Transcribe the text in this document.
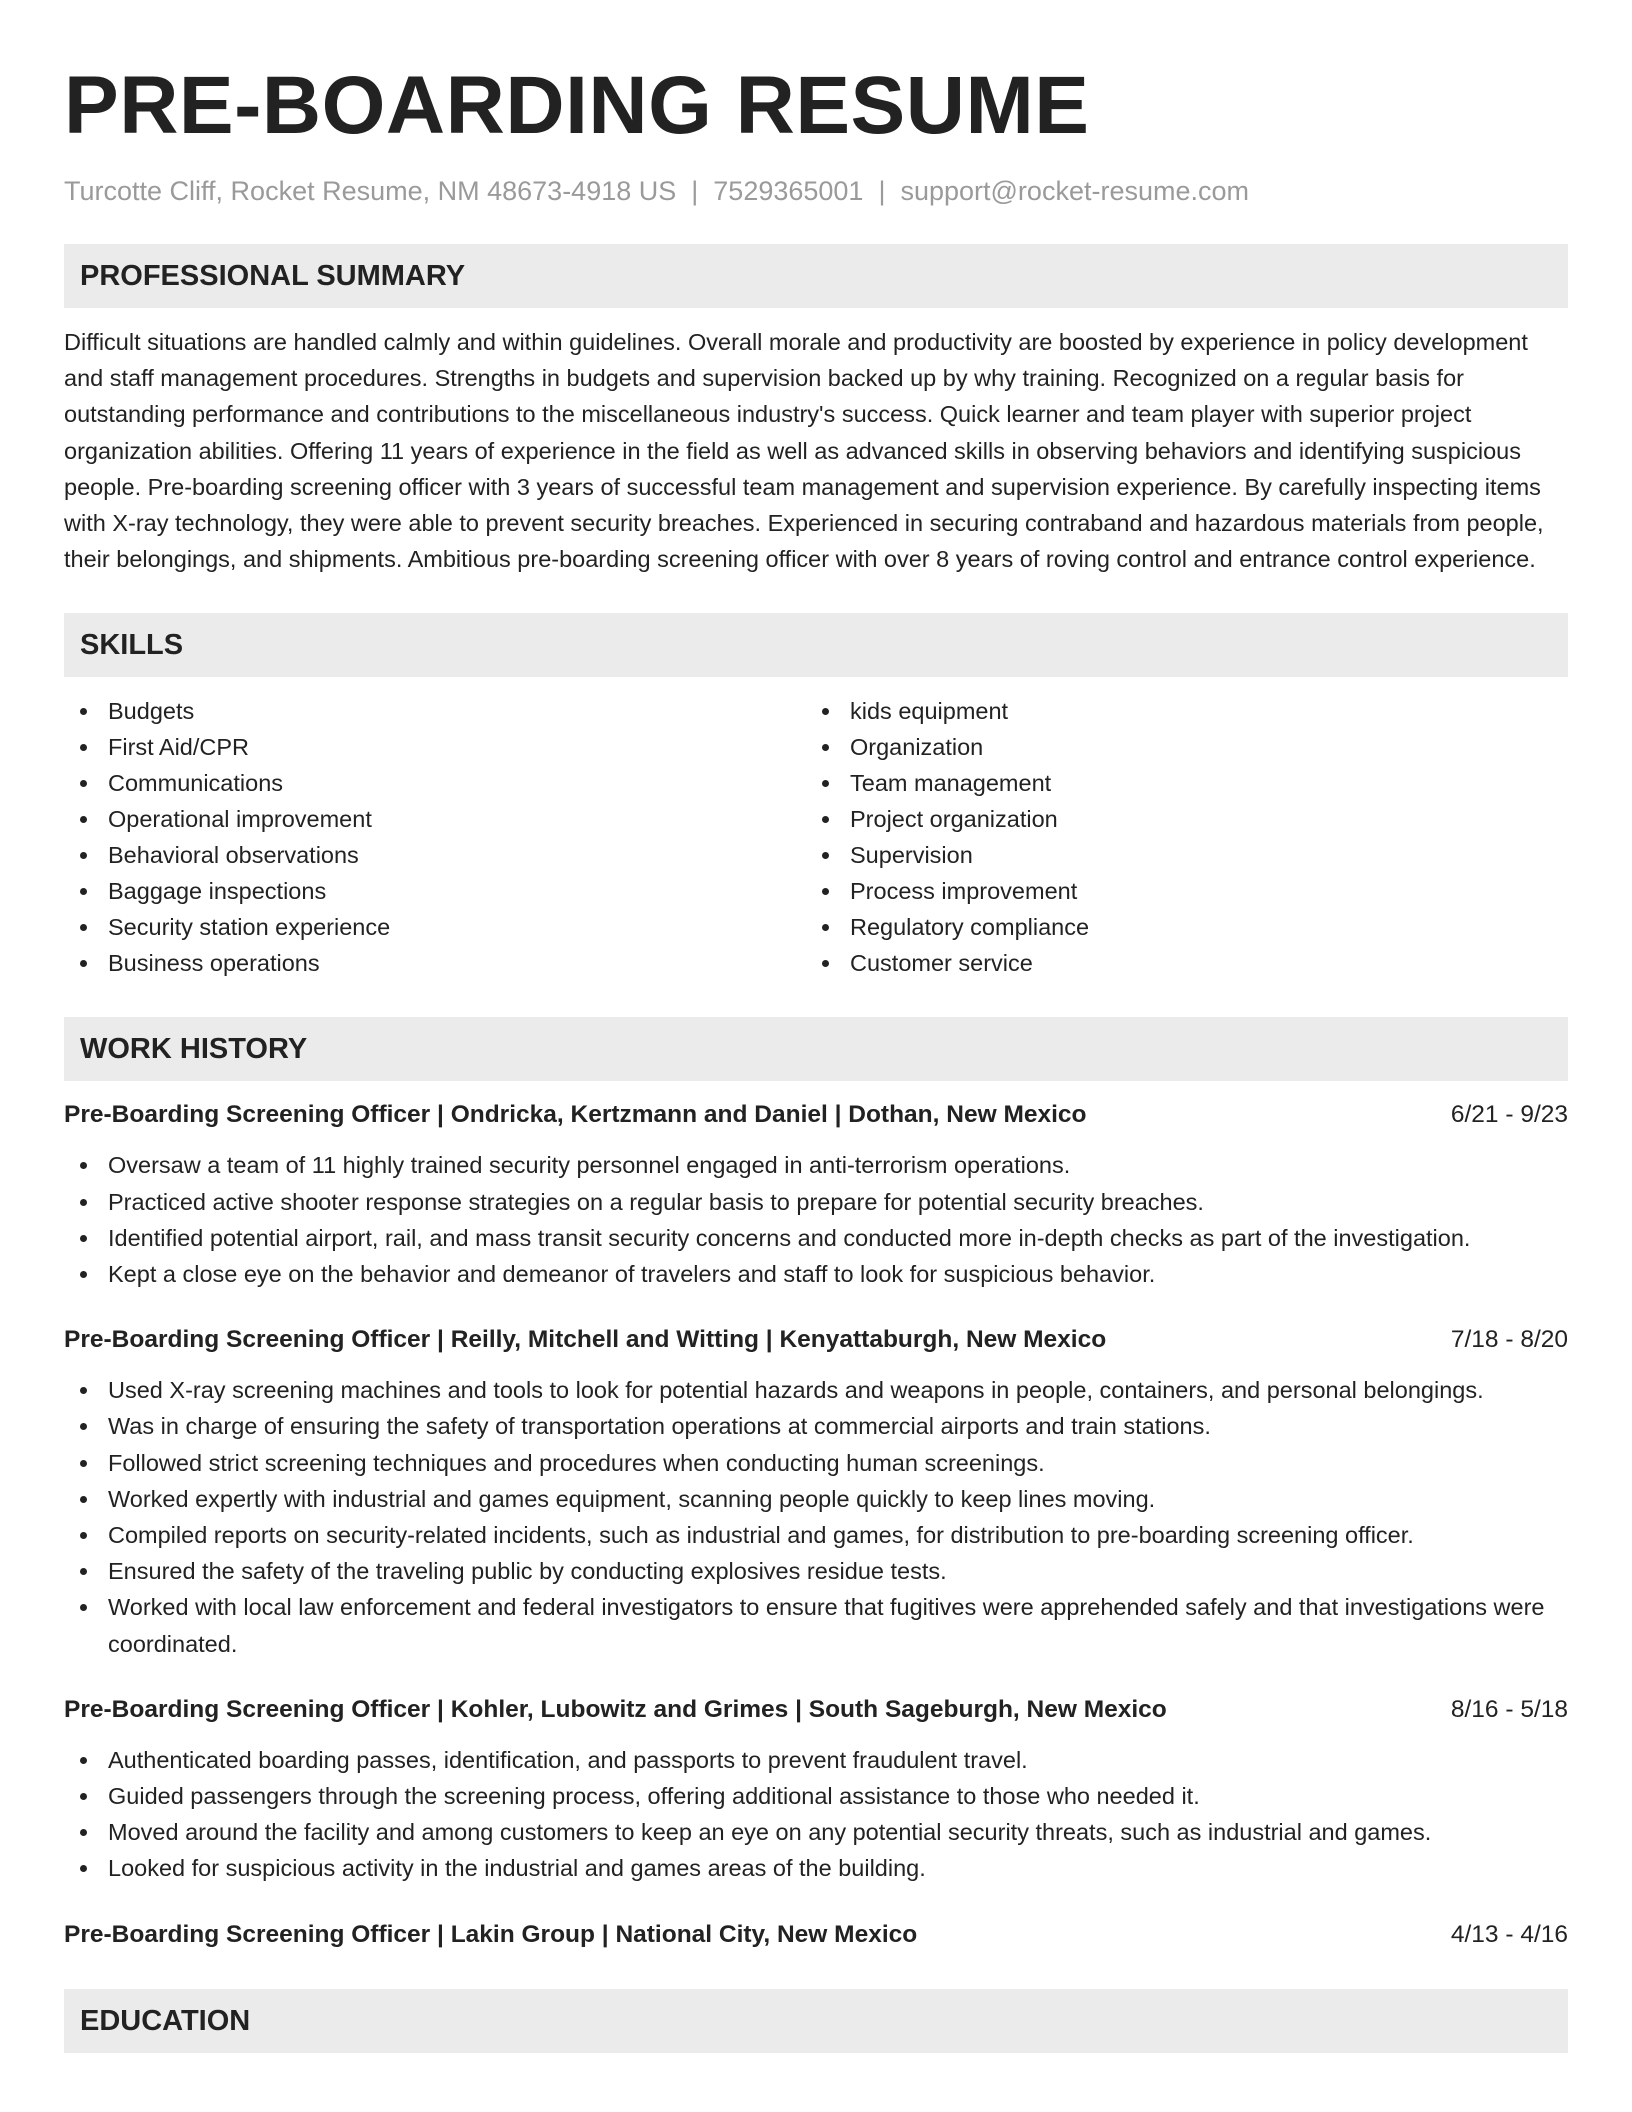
PRE-BOARDING RESUME
Turcotte Cliff, Rocket Resume, NM 48673-4918 US | 7529365001 | support@rocket-resume.com
PROFESSIONAL SUMMARY

Difficult situations are handled calmly and within guidelines. Overall morale and productivity are boosted by experience in policy development and staff management procedures. Strengths in budgets and supervision backed up by why training. Recognized on a regular basis for outstanding performance and contributions to the miscellaneous industry's success. Quick learner and team player with superior project organization abilities. Offering 11 years of experience in the field as well as advanced skills in observing behaviors and identifying suspicious people. Pre-boarding screening officer with 3 years of successful team management and supervision experience. By carefully inspecting items with X-ray technology, they were able to prevent security breaches. Experienced in securing contraband and hazardous materials from people, their belongings, and shipments. Ambitious pre-boarding screening officer with over 8 years of roving control and entrance control experience.

SKILLS
Budgets
First Aid/CPR
Communications
Operational improvement
Behavioral observations
Baggage inspections
Security station experience
Business operations
kids equipment
Organization
Team management
Project organization
Supervision
Process improvement
Regulatory compliance
Customer service
WORK HISTORY
Pre-Boarding Screening Officer | Ondricka, Kertzmann and Daniel | Dothan, New Mexico	6/21 - 9/23
Oversaw a team of 11 highly trained security personnel engaged in anti-terrorism operations.
Practiced active shooter response strategies on a regular basis to prepare for potential security breaches.
Identified potential airport, rail, and mass transit security concerns and conducted more in-depth checks as part of the investigation.
Kept a close eye on the behavior and demeanor of travelers and staff to look for suspicious behavior.
Pre-Boarding Screening Officer | Reilly, Mitchell and Witting | Kenyattaburgh, New Mexico	7/18 - 8/20
Used X-ray screening machines and tools to look for potential hazards and weapons in people, containers, and personal belongings.
Was in charge of ensuring the safety of transportation operations at commercial airports and train stations.
Followed strict screening techniques and procedures when conducting human screenings.
Worked expertly with industrial and games equipment, scanning people quickly to keep lines moving.
Compiled reports on security-related incidents, such as industrial and games, for distribution to pre-boarding screening officer.
Ensured the safety of the traveling public by conducting explosives residue tests.
Worked with local law enforcement and federal investigators to ensure that fugitives were apprehended safely and that investigations were coordinated.
Pre-Boarding Screening Officer | Kohler, Lubowitz and Grimes | South Sageburgh, New Mexico	8/16 - 5/18
Authenticated boarding passes, identification, and passports to prevent fraudulent travel.
Guided passengers through the screening process, offering additional assistance to those who needed it.
Moved around the facility and among customers to keep an eye on any potential security threats, such as industrial and games.
Looked for suspicious activity in the industrial and games areas of the building.
Pre-Boarding Screening Officer | Lakin Group | National City, New Mexico	4/13 - 4/16
EDUCATION
